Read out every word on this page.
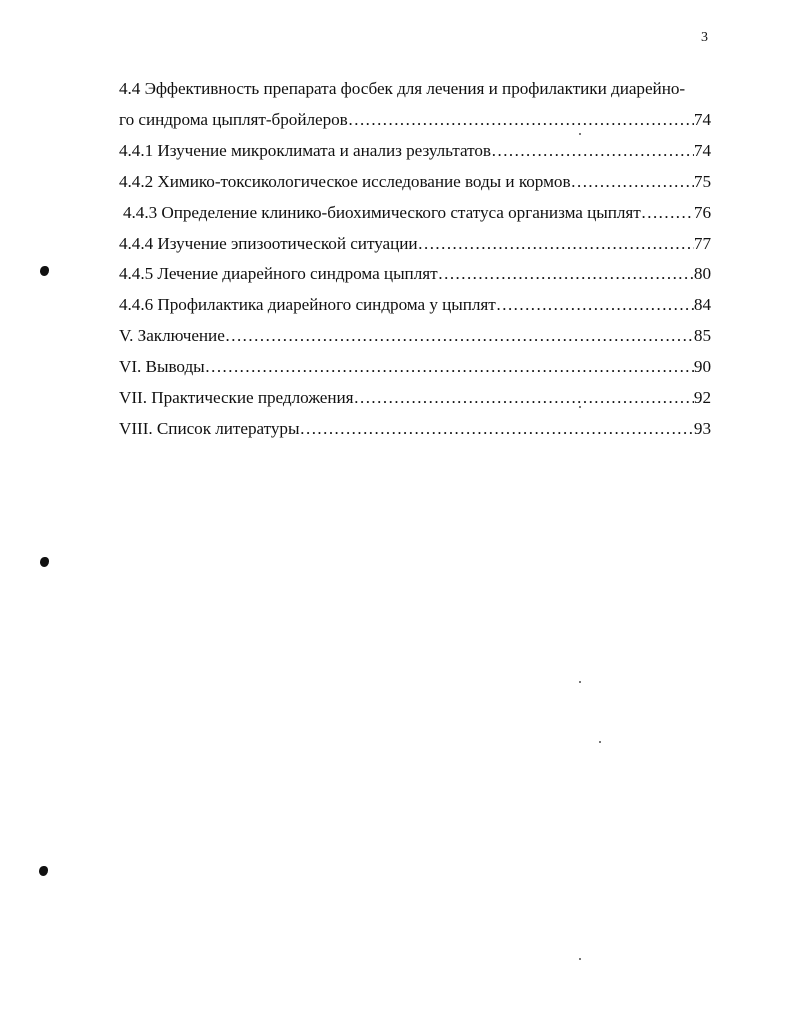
3
4.4 Эффективность препарата фосбек для лечения и профилактики диарейно-
го синдрома цыплят-бройлеров ………………………………………………………………………………………………………………………………………………………………………………	74
4.4.1 Изучение микроклимата и анализ результатов ………………………………………………………………………………………………………………………………………………………………………………	74
4.4.2 Химико-токсикологическое исследование воды и кормов ………………………………………………………………………………………………………………………………………………………………………………	75
4.4.3 Определение клинико-биохимического статуса организма цыплят ………………………………………………………………………………………………………………………………………………………………………………	76
4.4.4 Изучение эпизоотической ситуации ………………………………………………………………………………………………………………………………………………………………………………	77
4.4.5 Лечение диарейного синдрома цыплят ………………………………………………………………………………………………………………………………………………………………………………	80
4.4.6 Профилактика диарейного синдрома у цыплят ………………………………………………………………………………………………………………………………………………………………………………	84
V. Заключение ………………………………………………………………………………………………………………………………………………………………………………	85
VI. Выводы ………………………………………………………………………………………………………………………………………………………………………………	90
VII. Практические предложения ………………………………………………………………………………………………………………………………………………………………………………	92
VIII. Список литературы ………………………………………………………………………………………………………………………………………………………………………………	93
